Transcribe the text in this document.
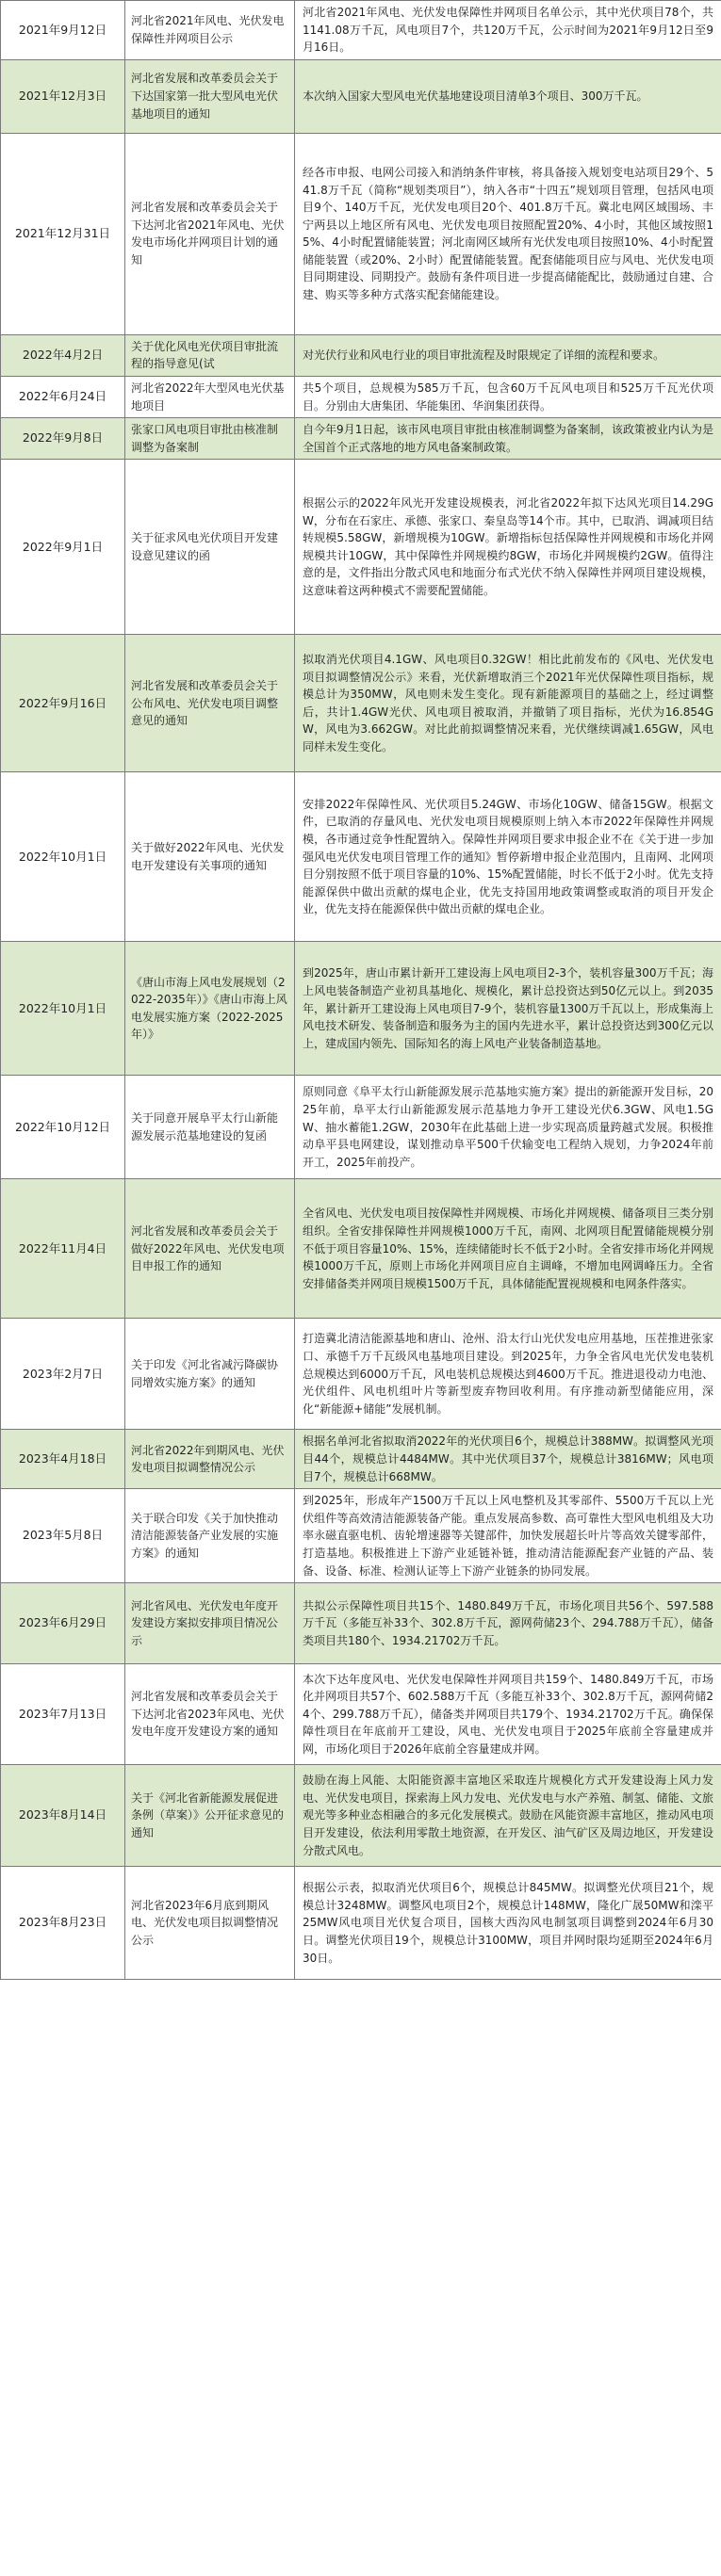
2021年9月12日	河北省2021年风电、光伏发电保障性并网项目公示	河北省2021年风电、光伏发电保障性并网项目名单公示，其中光伏项目78个，共1141.08万千瓦，风电项目7个，共120万千瓦，公示时间为2021年9月12日至9月16日。
2021年12月3日	河北省发展和改革委员会关于下达国家第一批大型风电光伏基地项目的通知	本次纳入国家大型风电光伏基地建设项目清单3个项目、300万千瓦。
2021年12月31日	河北省发展和改革委员会关于下达河北省2021年风电、光伏发电市场化并网项目计划的通知	经各市申报、电网公司接入和消纳条件审核，将具备接入规划变电站项目29个、541.8万千瓦（简称“规划类项目”），纳入各市“十四五”规划项目管理，包括风电项目9个、140万千瓦，光伏发电项目20个、401.8万千瓦。冀北电网区域围场、丰宁两县以上地区所有风电、光伏发电项目按照配置20%、4小时，其他区域按照15%、4小时配置储能装置；河北南网区域所有光伏发电项目按照10%、4小时配置储能装置（或20%、2小时）配置储能装置。配套储能项目应与风电、光伏发电项目同期建设、同期投产。鼓励有条件项目进一步提高储能配比，鼓励通过自建、合建、购买等多种方式落实配套储能建设。
2022年4月2日	关于优化风电光伏项目审批流程的指导意见(试	对光伏行业和风电行业的项目审批流程及时限规定了详细的流程和要求。
2022年6月24日	河北省2022年大型风电光伏基地项目	共5个项目，总规模为585万千瓦，包含60万千瓦风电项目和525万千瓦光伏项目。分别由大唐集团、华能集团、华润集团获得。
2022年9月8日	张家口风电项目审批由核准制调整为备案制	自今年9月1日起，该市风电项目审批由核准制调整为备案制，该政策被业内认为是全国首个正式落地的地方风电备案制政策。
2022年9月1日	关于征求风电光伏项目开发建设意见建议的函	根据公示的2022年风光开发建设规模表，河北省2022年拟下达风光项目14.29GW，分布在石家庄、承德、张家口、秦皇岛等14个市。其中，已取消、调减项目结转规模5.58GW，新增规模为10GW。新增指标包括保障性并网规模和市场化并网规模共计10GW，其中保障性并网规模约8GW，市场化并网规模约2GW。值得注意的是，文件指出分散式风电和地面分布式光伏不纳入保障性并网项目建设规模，这意味着这两种模式不需要配置储能。
2022年9月16日	河北省发展和改革委员会关于公布风电、光伏发电项目调整意见的通知	拟取消光伏项目4.1GW、风电项目0.32GW！相比此前发布的《风电、光伏发电项目拟调整情况公示》来看，光伏新增取消三个2021年光伏保障性项目指标，规模总计为350MW，风电则未发生变化。现有新能源项目的基础之上，经过调整后，共计1.4GW光伏、风电项目被取消，并撤销了项目指标，光伏为16.854GW，风电为3.662GW。对比此前拟调整情况来看，光伏继续调减1.65GW，风电同样未发生变化。
2022年10月1日	关于做好2022年风电、光伏发电开发建设有关事项的通知	安排2022年保障性风、光伏项目5.24GW、市场化10GW、储备15GW。根据文件，已取消的存量风电、光伏发电项目规模原则上纳入本市2022年保障性并网规模，各市通过竞争性配置纳入。保障性并网项目要求申报企业不在《关于进一步加强风电光伏发电项目管理工作的通知》暂停新增申报企业范围内，且南网、北网项目分别按照不低于项目容量的10%、15%配置储能，时长不低于2小时。优先支持能源保供中做出贡献的煤电企业，优先支持国用地政策调整或取消的项目开发企业，优先支持在能源保供中做出贡献的煤电企业。
2022年10月1日	《唐山市海上风电发展规划（2022-2035年）》《唐山市海上风电发展实施方案（2022-2025年）》	到2025年，唐山市累计新开工建设海上风电项目2-3个，装机容量300万千瓦；海上风电装备制造产业初具基地化、规模化，累计总投资达到50亿元以上。到2035年，累计新开工建设海上风电项目7-9个，装机容量1300万千瓦以上，形成集海上风电技术研发、装备制造和服务为主的国内先进水平，累计总投资达到300亿元以上，建成国内领先、国际知名的海上风电产业装备制造基地。
2022年10月12日	关于同意开展阜平太行山新能源发展示范基地建设的复函	原则同意《阜平太行山新能源发展示范基地实施方案》提出的新能源开发目标，2025年前，阜平太行山新能源发展示范基地力争开工建设光伏6.3GW、风电1.5GW、抽水蓄能1.2GW，2030年在此基础上进一步实现高质量跨越式发展。积极推动阜平县电网建设，谋划推动阜平500千伏输变电工程纳入规划，力争2024年前开工，2025年前投产。
2022年11月4日	河北省发展和改革委员会关于做好2022年风电、光伏发电项目申报工作的通知	全省风电、光伏发电项目按保障性并网规模、市场化并网规模、储备项目三类分别组织。全省安排保障性并网规模1000万千瓦，南网、北网项目配置储能规模分别不低于项目容量10%、15%，连续储能时长不低于2小时。全省安排市场化并网规模1000万千瓦，原则上市场化并网项目应自主调峰，不增加电网调峰压力。全省安排储备类并网项目规模1500万千瓦，具体储能配置视规模和电网条件落实。
2023年2月7日	关于印发《河北省减污降碳协同增效实施方案》的通知	打造冀北清洁能源基地和唐山、沧州、沿太行山光伏发电应用基地，压茬推进张家口、承德千万千瓦级风电基地项目建设。到2025年，力争全省风电光伏发电装机总规模达到6000万千瓦，风电装机总规模达到4600万千瓦。推进退役动力电池、光伏组件、风电机组叶片等新型废弃物回收利用。有序推动新型储能应用，深化“新能源+储能”发展机制。
2023年4月18日	河北省2022年到期风电、光伏发电项目拟调整情况公示	根据名单河北省拟取消2022年的光伏项目6个，规模总计388MW。拟调整风光项目44个，规模总计4484MW。其中光伏项目37个，规模总计3816MW；风电项目7个，规模总计668MW。
2023年5月8日	关于联合印发《关于加快推动清洁能源装备产业发展的实施方案》的通知	到2025年，形成年产1500万千瓦以上风电整机及其零部件、5500万千瓦以上光伏组件等高效清洁能源装备产能。重点发展高参数、高可靠性大型风电机组及大功率永磁直驱电机、齿轮增速器等关键部件，加快发展超长叶片等高效关键零部件，打造基地。积极推进上下游产业延链补链，推动清洁能源配套产业链的产品、装备、设备、标准、检测认证等上下游产业链条的协同发展。
2023年6月29日	河北省风电、光伏发电年度开发建设方案拟安排项目情况公示	共拟公示保障性项目共15个、1480.849万千瓦，市场化项目共56个、597.588万千瓦（多能互补33个、302.8万千瓦，源网荷储23个、294.788万千瓦），储备类项目共180个、1934.21702万千瓦。
2023年7月13日	河北省发展和改革委员会关于下达河北省2023年风电、光伏发电年度开发建设方案的通知	本次下达年度风电、光伏发电保障性并网项目共159个、1480.849万千瓦，市场化并网项目共57个、602.588万千瓦（多能互补33个、302.8万千瓦，源网荷储24个、299.788万千瓦），储备类并网项目共179个、1934.21702万千瓦。确保保障性项目在年底前开工建设，风电、光伏发电项目于2025年底前全容量建成并网，市场化项目于2026年底前全容量建成并网。
2023年8月14日	关于《河北省新能源发展促进条例（草案）》公开征求意见的通知	鼓励在海上风能、太阳能资源丰富地区采取连片规模化方式开发建设海上风力发电、光伏发电项目，探索海上风力发电、光伏发电与水产养殖、制氢、储能、文旅观光等多种业态相融合的多元化发展模式。鼓励在风能资源丰富地区，推动风电项目开发建设，依法利用零散土地资源，在开发区、油气矿区及周边地区，开发建设分散式风电。
2023年8月23日	河北省2023年6月底到期风电、光伏发电项目拟调整情况公示	根据公示表，拟取消光伏项目6个，规模总计845MW。拟调整光伏项目21个，规模总计3248MW。调整风电项目2个，规模总计148MW，隆化广晟50MW和滦平25MW风电项目光伏复合项目，国核大西沟风电制氢项目调整到2024年6月30日。调整光伏项目19个，规模总计3100MW，项目并网时限均延期至2024年6月30日。
